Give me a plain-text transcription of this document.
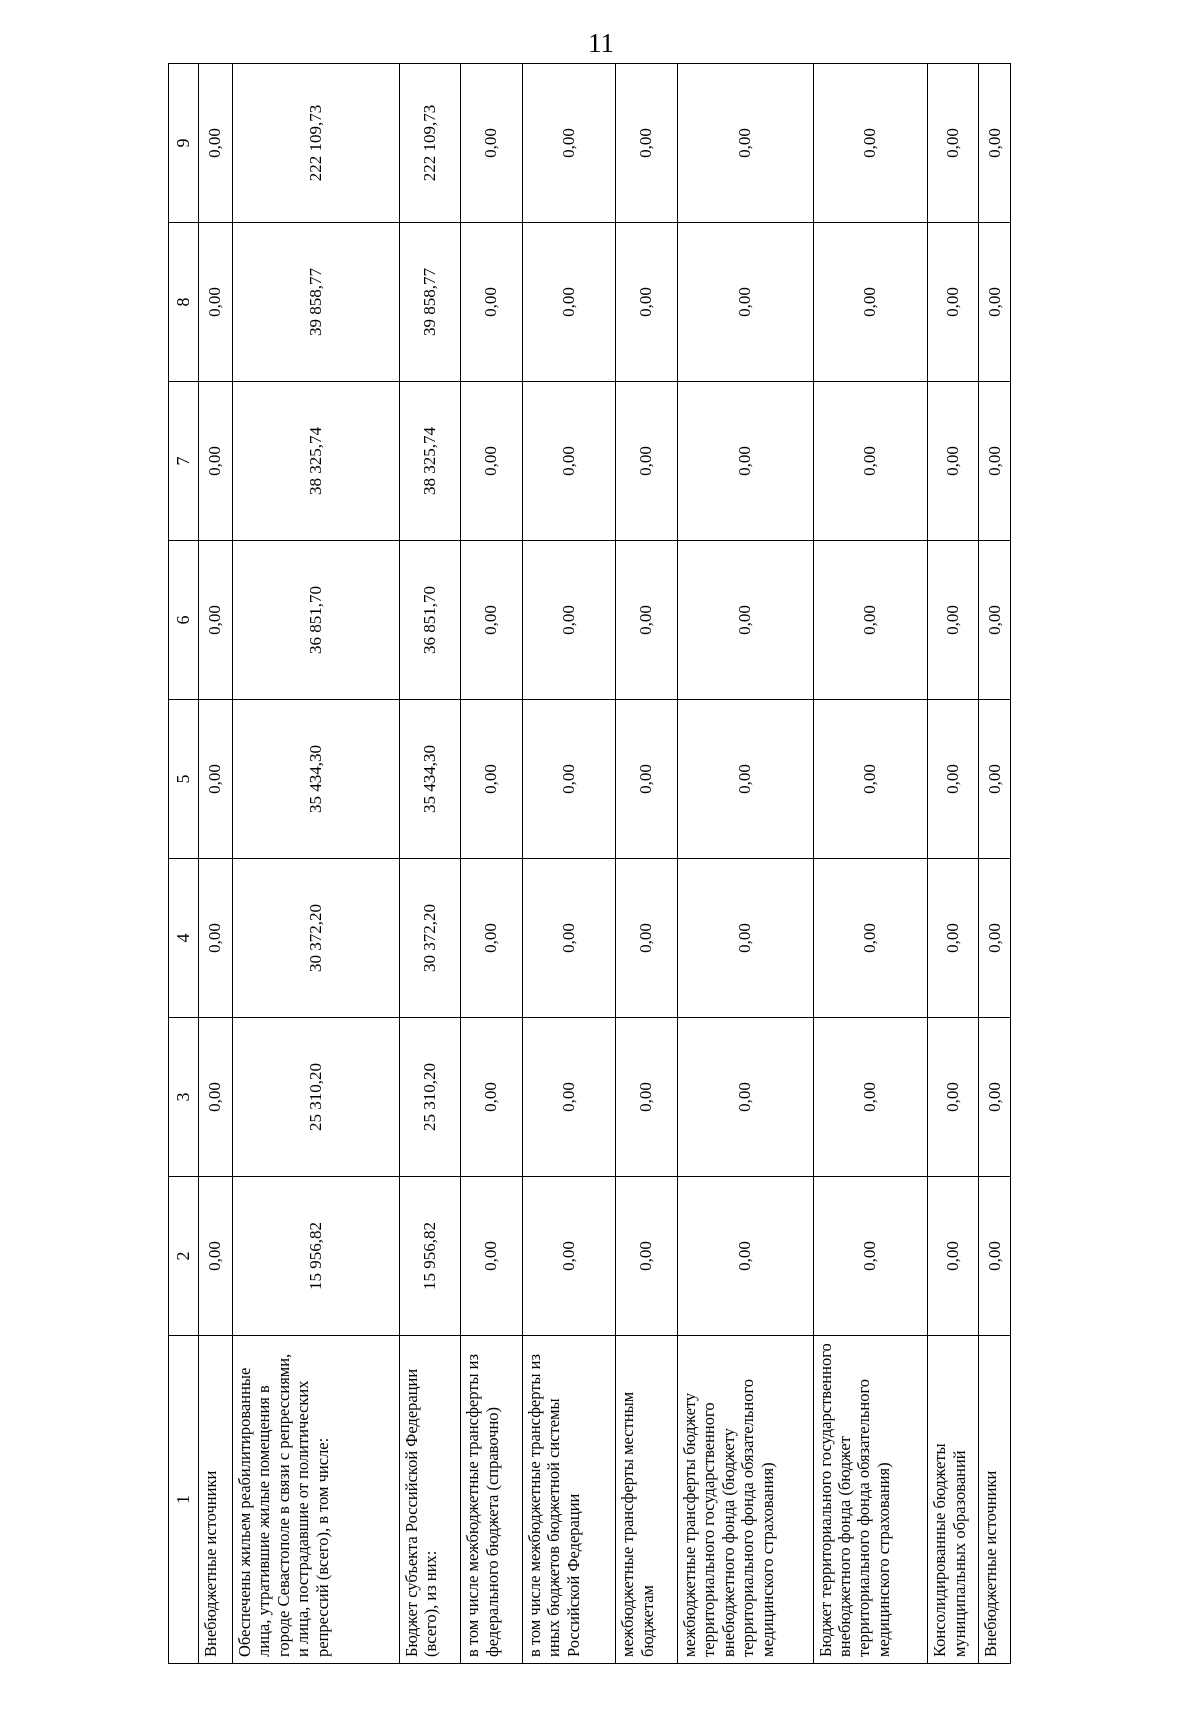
11
1	2	3	4	5	6	7	8	9
Внебюджетные источники	0,00	0,00	0,00	0,00	0,00	0,00	0,00	0,00
Обеспечены жильем реабилитированные лица, утратившие жилые помещения в городе Севастополе в связи с репрессиями, и лица, пострадавшие от политических репрессий (всего), в том числе:	15 956,82	25 310,20	30 372,20	35 434,30	36 851,70	38 325,74	39 858,77	222 109,73
Бюджет субъекта Российской Федерации (всего), из них:	15 956,82	25 310,20	30 372,20	35 434,30	36 851,70	38 325,74	39 858,77	222 109,73
в том числе межбюджетные трансферты из федерального бюджета (справочно)	0,00	0,00	0,00	0,00	0,00	0,00	0,00	0,00
в том числе межбюджетные трансферты из иных бюджетов бюджетной системы Российской Федерации	0,00	0,00	0,00	0,00	0,00	0,00	0,00	0,00
межбюджетные трансферты местным бюджетам	0,00	0,00	0,00	0,00	0,00	0,00	0,00	0,00
межбюджетные трансферты бюджету территориального государственного внебюджетного фонда (бюджету территориального фонда обязательного медицинского страхования)	0,00	0,00	0,00	0,00	0,00	0,00	0,00	0,00
Бюджет территориального государственного внебюджетного фонда (бюджет территориального фонда обязательного медицинского страхования)	0,00	0,00	0,00	0,00	0,00	0,00	0,00	0,00
Консолидированные бюджеты муниципальных образований	0,00	0,00	0,00	0,00	0,00	0,00	0,00	0,00
Внебюджетные источники	0,00	0,00	0,00	0,00	0,00	0,00	0,00	0,00
